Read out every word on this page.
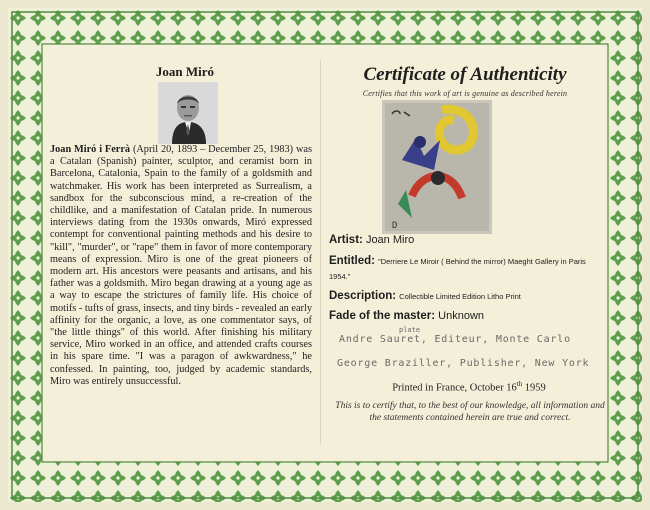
Joan Miró
Joan Miró i Ferrà (April 20, 1893 – December 25, 1983) was a Catalan (Spanish) painter, sculptor, and ceramist born in Barcelona, Catalonia, Spain to the family of a goldsmith and watchmaker. His work has been interpreted as Surrealism, a sandbox for the subconscious mind, a re-creation of the childlike, and a manifestation of Catalan pride. In numerous interviews dating from the 1930s onwards, Miró expressed contempt for conventional painting methods and his desire to "kill", "murder", or "rape" them in favor of more contemporary means of expression. Miro is one of the great pioneers of modern art. His ancestors were peasants and artisans, and his father was a goldsmith. Miro began drawing at a young age as a way to escape the strictures of family life. His choice of motifs - tufts of grass, insects, and tiny birds - revealed an early affinity for the organic, a love, as one commentator says, of "the little things" of this world. After finishing his military service, Miro worked in an office, and attended crafts courses in his spare time. "I was a paragon of awkwardness," he confessed. In painting, too, judged by academic standards, Miro was entirely unsuccessful.
Certificate of Authenticity
Certifies that this work of art is genuine as described herein
D
Artist: Joan Miro
Entitled: "Derriere Le Miroir ( Behind the mirror) Maeght Gallery in Paris 1954."
Description: Collectible Limited Edition Litho Print
Fade of the master: Unknown
plate
Andre Sauret, Editeur, Monte Carlo
George Braziller, Publisher, New York
Printed in France, October 16th 1959
This is to certify that, to the best of our knowledge, all information and the statements contained herein are true and correct.
